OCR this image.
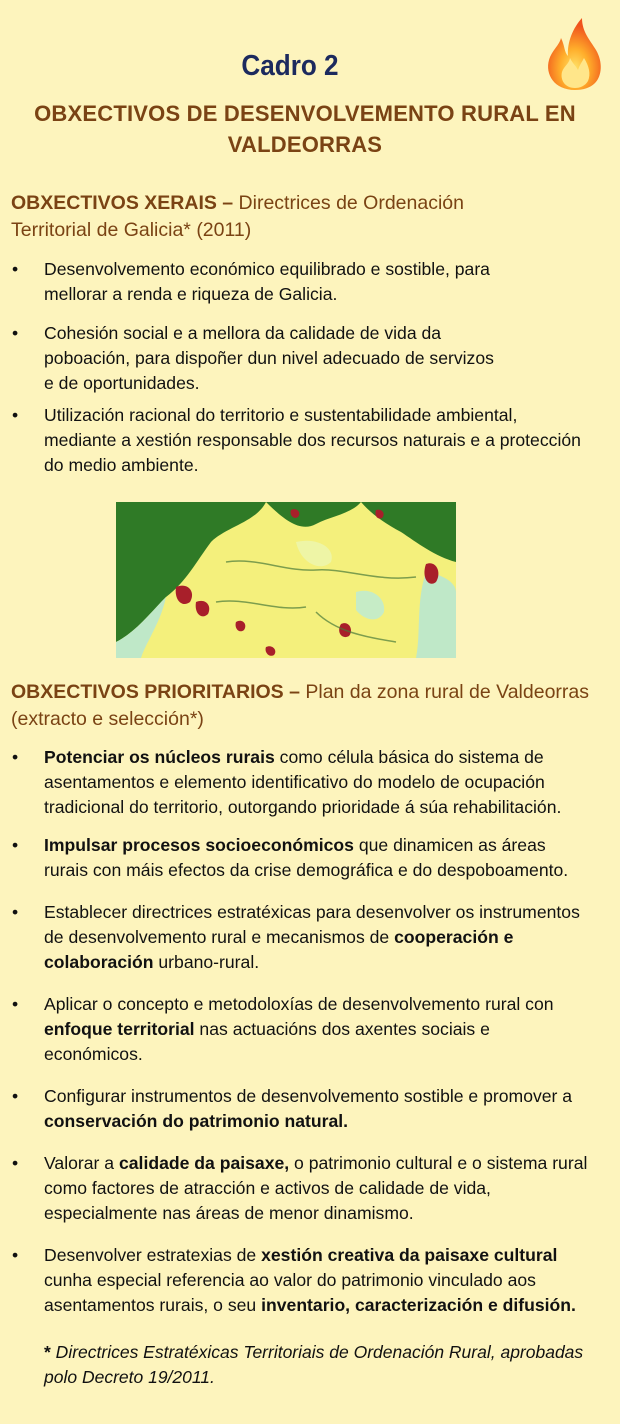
Cadro 2
OBXECTIVOS DE DESENVOLVEMENTO RURAL EN
VALDEORRAS
OBXECTIVOS XERAIS – Directrices de Ordenación
Territorial de Galicia* (2011)
• Desenvolvemento económico equilibrado e sostible, para
mellorar a renda e riqueza de Galicia.
• Cohesión social e a mellora da calidade de vida da
poboación, para dispoñer dun nivel adecuado de servizos
e de oportunidades.
• Utilización racional do territorio e sustentabilidade ambiental,
mediante a xestión responsable dos recursos naturais e a protección
do medio ambiente.
OBXECTIVOS PRIORITARIOS – Plan da zona rural de Valdeorras
(extracto e selección*)
• Potenciar os núcleos rurais como célula básica do sistema de
asentamentos e elemento identificativo do modelo de ocupación
tradicional do territorio, outorgando prioridade á súa rehabilitación.
• Impulsar procesos socioeconómicos que dinamicen as áreas
rurais con máis efectos da crise demográfica e do despoboamento.
• Establecer directrices estratéxicas para desenvolver os instrumentos
de desenvolvemento rural e mecanismos de cooperación e
colaboración urbano-rural.
• Aplicar o concepto e metodoloxías de desenvolvemento rural con
enfoque territorial nas actuacións dos axentes sociais e
económicos.
• Configurar instrumentos de desenvolvemento sostible e promover a
conservación do patrimonio natural.
• Valorar a calidade da paisaxe, o patrimonio cultural e o sistema rural
como factores de atracción e activos de calidade de vida,
especialmente nas áreas de menor dinamismo.
• Desenvolver estratexias de xestión creativa da paisaxe cultural
cunha especial referencia ao valor do patrimonio vinculado aos
asentamentos rurais, o seu inventario, caracterización e difusión.
* Directrices Estratéxicas Territoriais de Ordenación Rural, aprobadas
polo Decreto 19/2011.
